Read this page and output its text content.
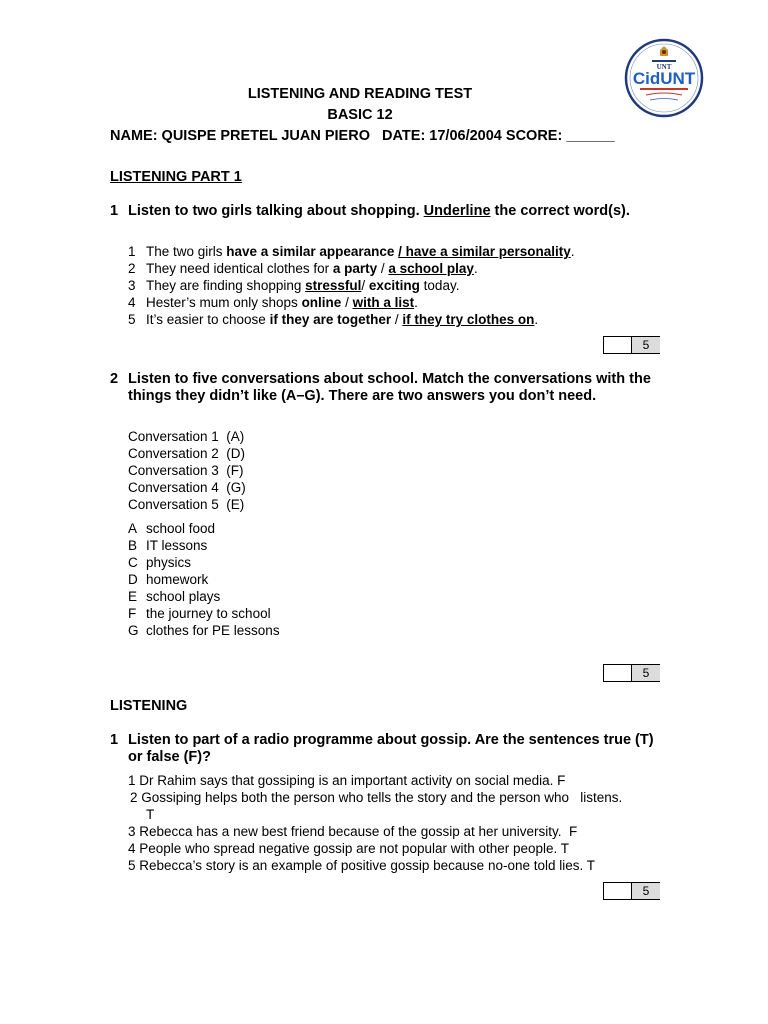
UNT
CidUNT
LISTENING AND READING TEST
BASIC 12
NAME: QUISPE PRETEL JUAN PIERO   DATE: 17/06/2004 SCORE: ______
LISTENING PART 1
1 Listen to two girls talking about shopping. Underline the correct word(s).
1 The two girls have a similar appearance / have a similar personality.
2 They need identical clothes for a party / a school play.
3 They are finding shopping stressful/ exciting today.
4 Hester’s mum only shops online / with a list.
5 It’s easier to choose if they are together / if they try clothes on.
5
2 Listen to five conversations about school. Match the conversations with the things they didn’t like (A–G). There are two answers you don’t need.
Conversation 1  (A)
Conversation 2  (D)
Conversation 3  (F)
Conversation 4  (G)
Conversation 5  (E)
A school food
B IT lessons
C physics
D homework
E school plays
F the journey to school
G clothes for PE lessons
5
LISTENING
1 Listen to part of a radio programme about gossip. Are the sentences true (T) or false (F)?
1 Dr Rahim says that gossiping is an important activity on social media. F
2 Gossiping helps both the person who tells the story and the person who   listens.
T
3 Rebecca has a new best friend because of the gossip at her university.  F
4 People who spread negative gossip are not popular with other people. T
5 Rebecca’s story is an example of positive gossip because no-one told lies. T
5
